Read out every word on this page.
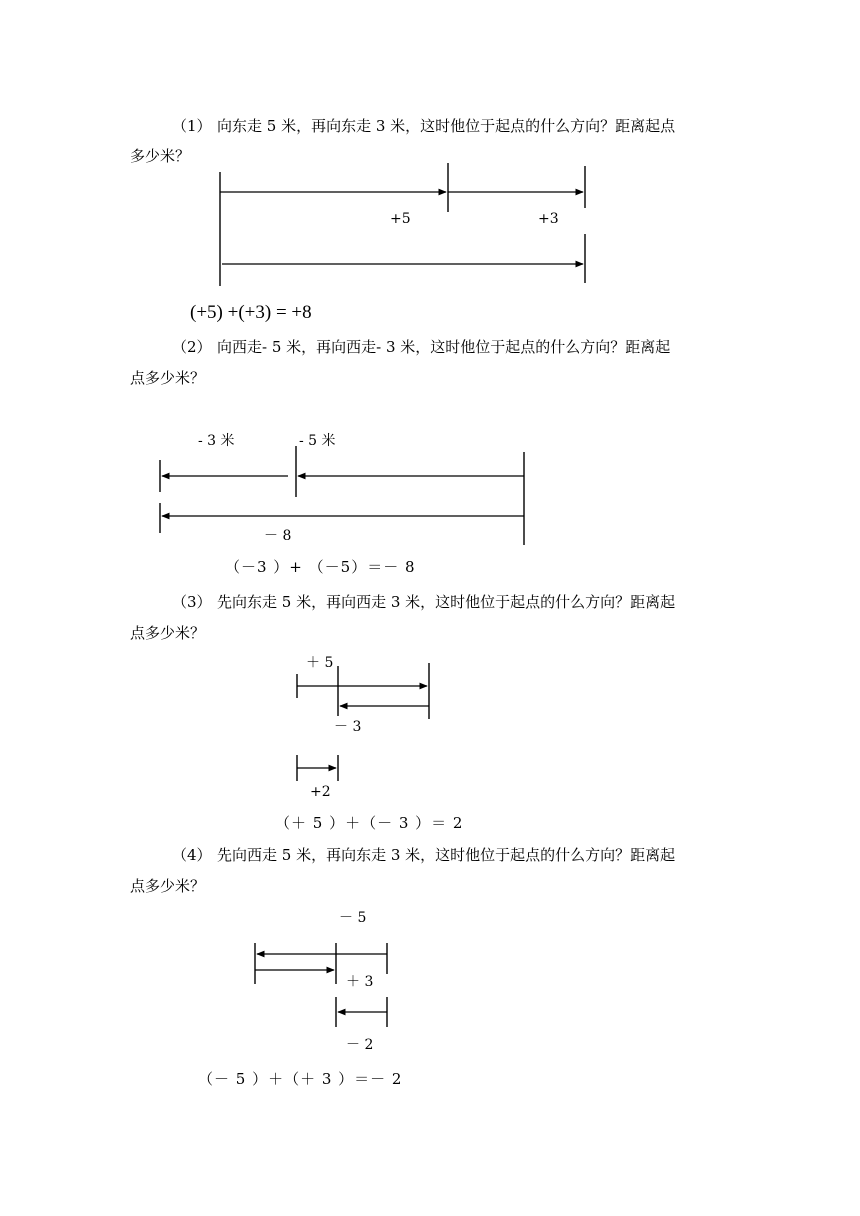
（1） 向东走 5 米，再向东走 3 米，这时他位于起点的什么方向？距离起点
多少米？
+5	+3
(+5) +(+3) = +8
（2） 向西走- 5 米，再向西走- 3 米，这时他位于起点的什么方向？距离起
点多少米？
- 3 米	- 5 米
－ 8
（－3 ）+ （－5）＝－ 8
（3） 先向东走 5 米，再向西走 3 米，这时他位于起点的什么方向？距离起
点多少米？
＋ 5
－ 3
+2
（＋ 5 ）＋（－ 3 ）＝ 2
（4） 先向西走 5 米，再向东走 3 米，这时他位于起点的什么方向？距离起
点多少米？
－ 5
＋ 3
－ 2
（－ 5 ）＋（＋ 3 ）＝－ 2
